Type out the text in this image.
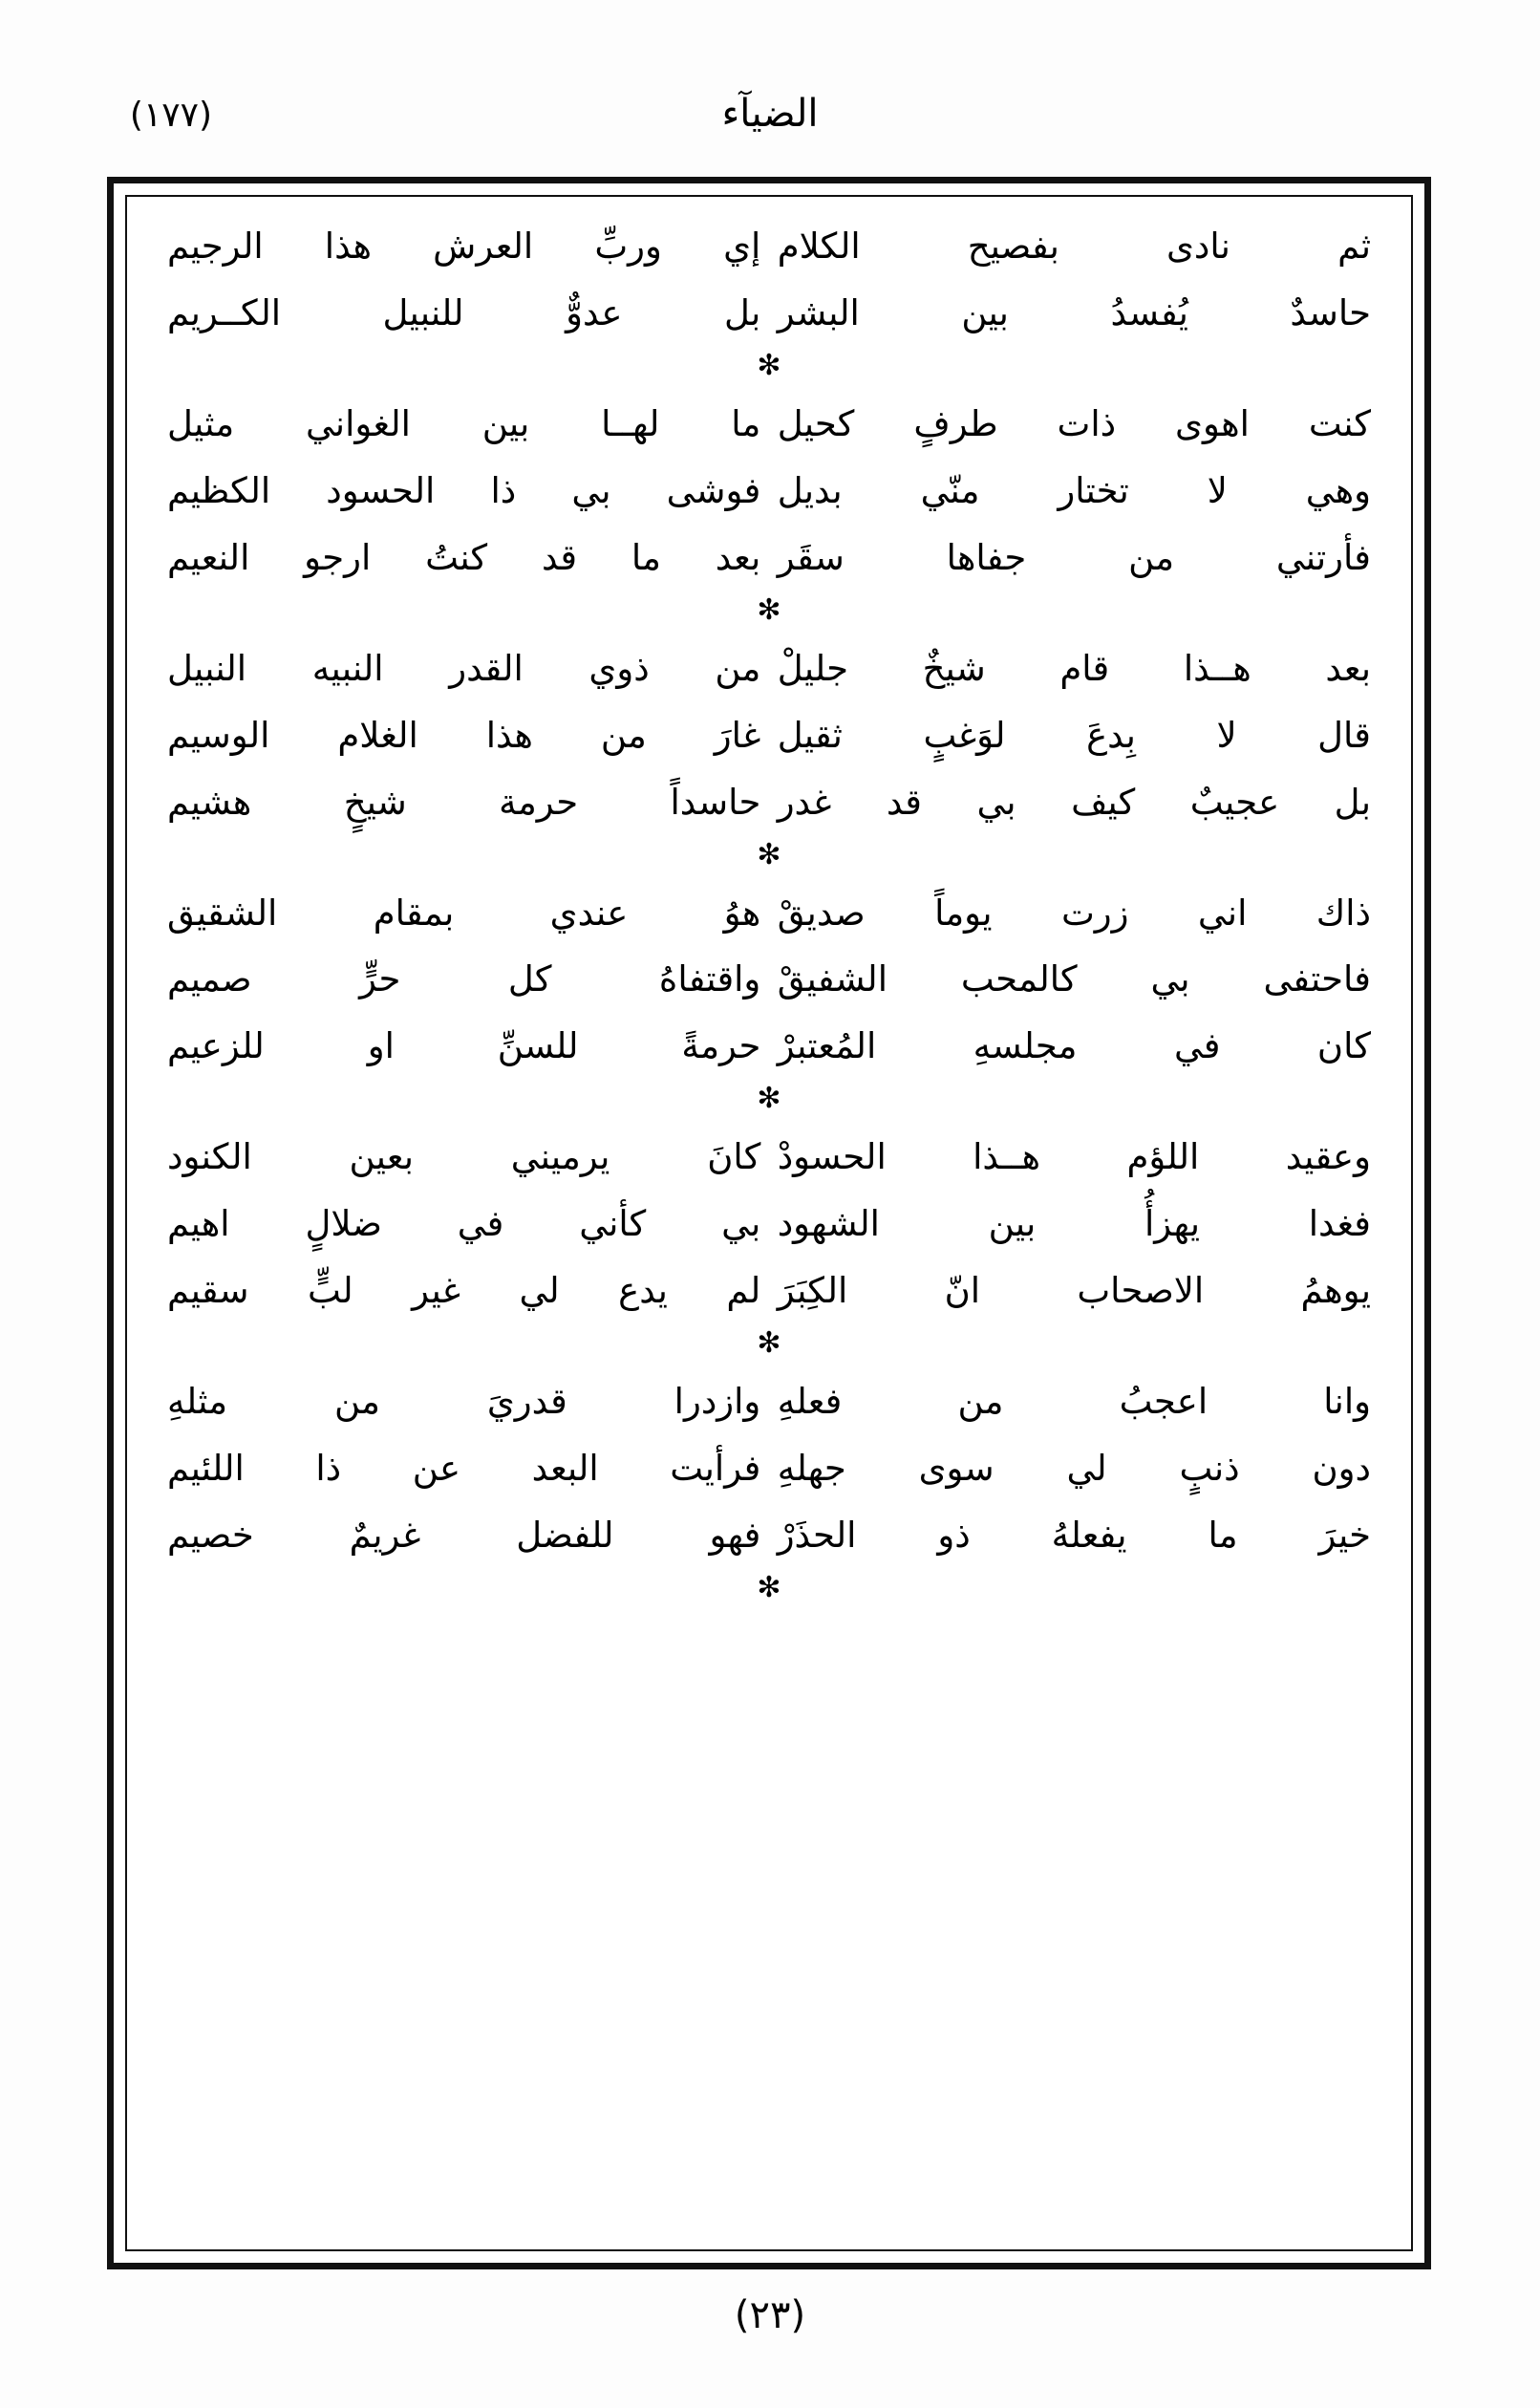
(١٧٧)	الضيآء
ثم نادى بفصيح الكلام
إي وربِّ العرش هذا الرجيم
حاسدٌ يُفسدُ بين البشر
بل عدوٌّ للنبيل الكــريم
✻
كنت اهوى ذات طرفٍ كحيل
ما لهــا بين الغواني مثيل
وهي لا تختار منّي بديل
فوشى بي ذا الحسود الكظيم
فأرتني من جفاها سقَر
بعد ما قد كنتُ ارجو النعيم
✻
بعد هــذا قام شيخٌ جليلْ
من ذوي القدر النبيه النبيل
قال لا بِدعَ لوَغبٍ ثقيل
غارَ من هذا الغلام الوسيم
بل عجيبٌ كيف بي قد غدر
حاسداً حرمة شيخٍ هشيم
✻
ذاك اني زرت يوماً صديقْ
هوُ عندي بمقام الشقيق
فاحتفى بي كالمحب الشفيقْ
واقتفاهُ كل حرٍّ صميم
كان في مجلسهِ المُعتبرْ
حرمةً للسنِّ او للزعيم
✻
وعقيد اللؤم هــذا الحسودْ
كانَ يرميني بعين الكنود
فغدا يهزأُ بين الشهود
بي كأني في ضلالٍ اهيم
يوهمُ الاصحاب انّ الكِبَرَ
لم يدع لي غير لبٍّ سقيم
✻
وانا اعجبُ من فعلهِ
وازدرا قدريَ من مثلهِ
دون ذنبٍ لي سوى جهلهِ
فرأيت البعد عن ذا اللئيم
خيرَ ما يفعلهُ ذو الحذَرْ
فهو للفضل غريمٌ خصيم
✻
(٢٣)
